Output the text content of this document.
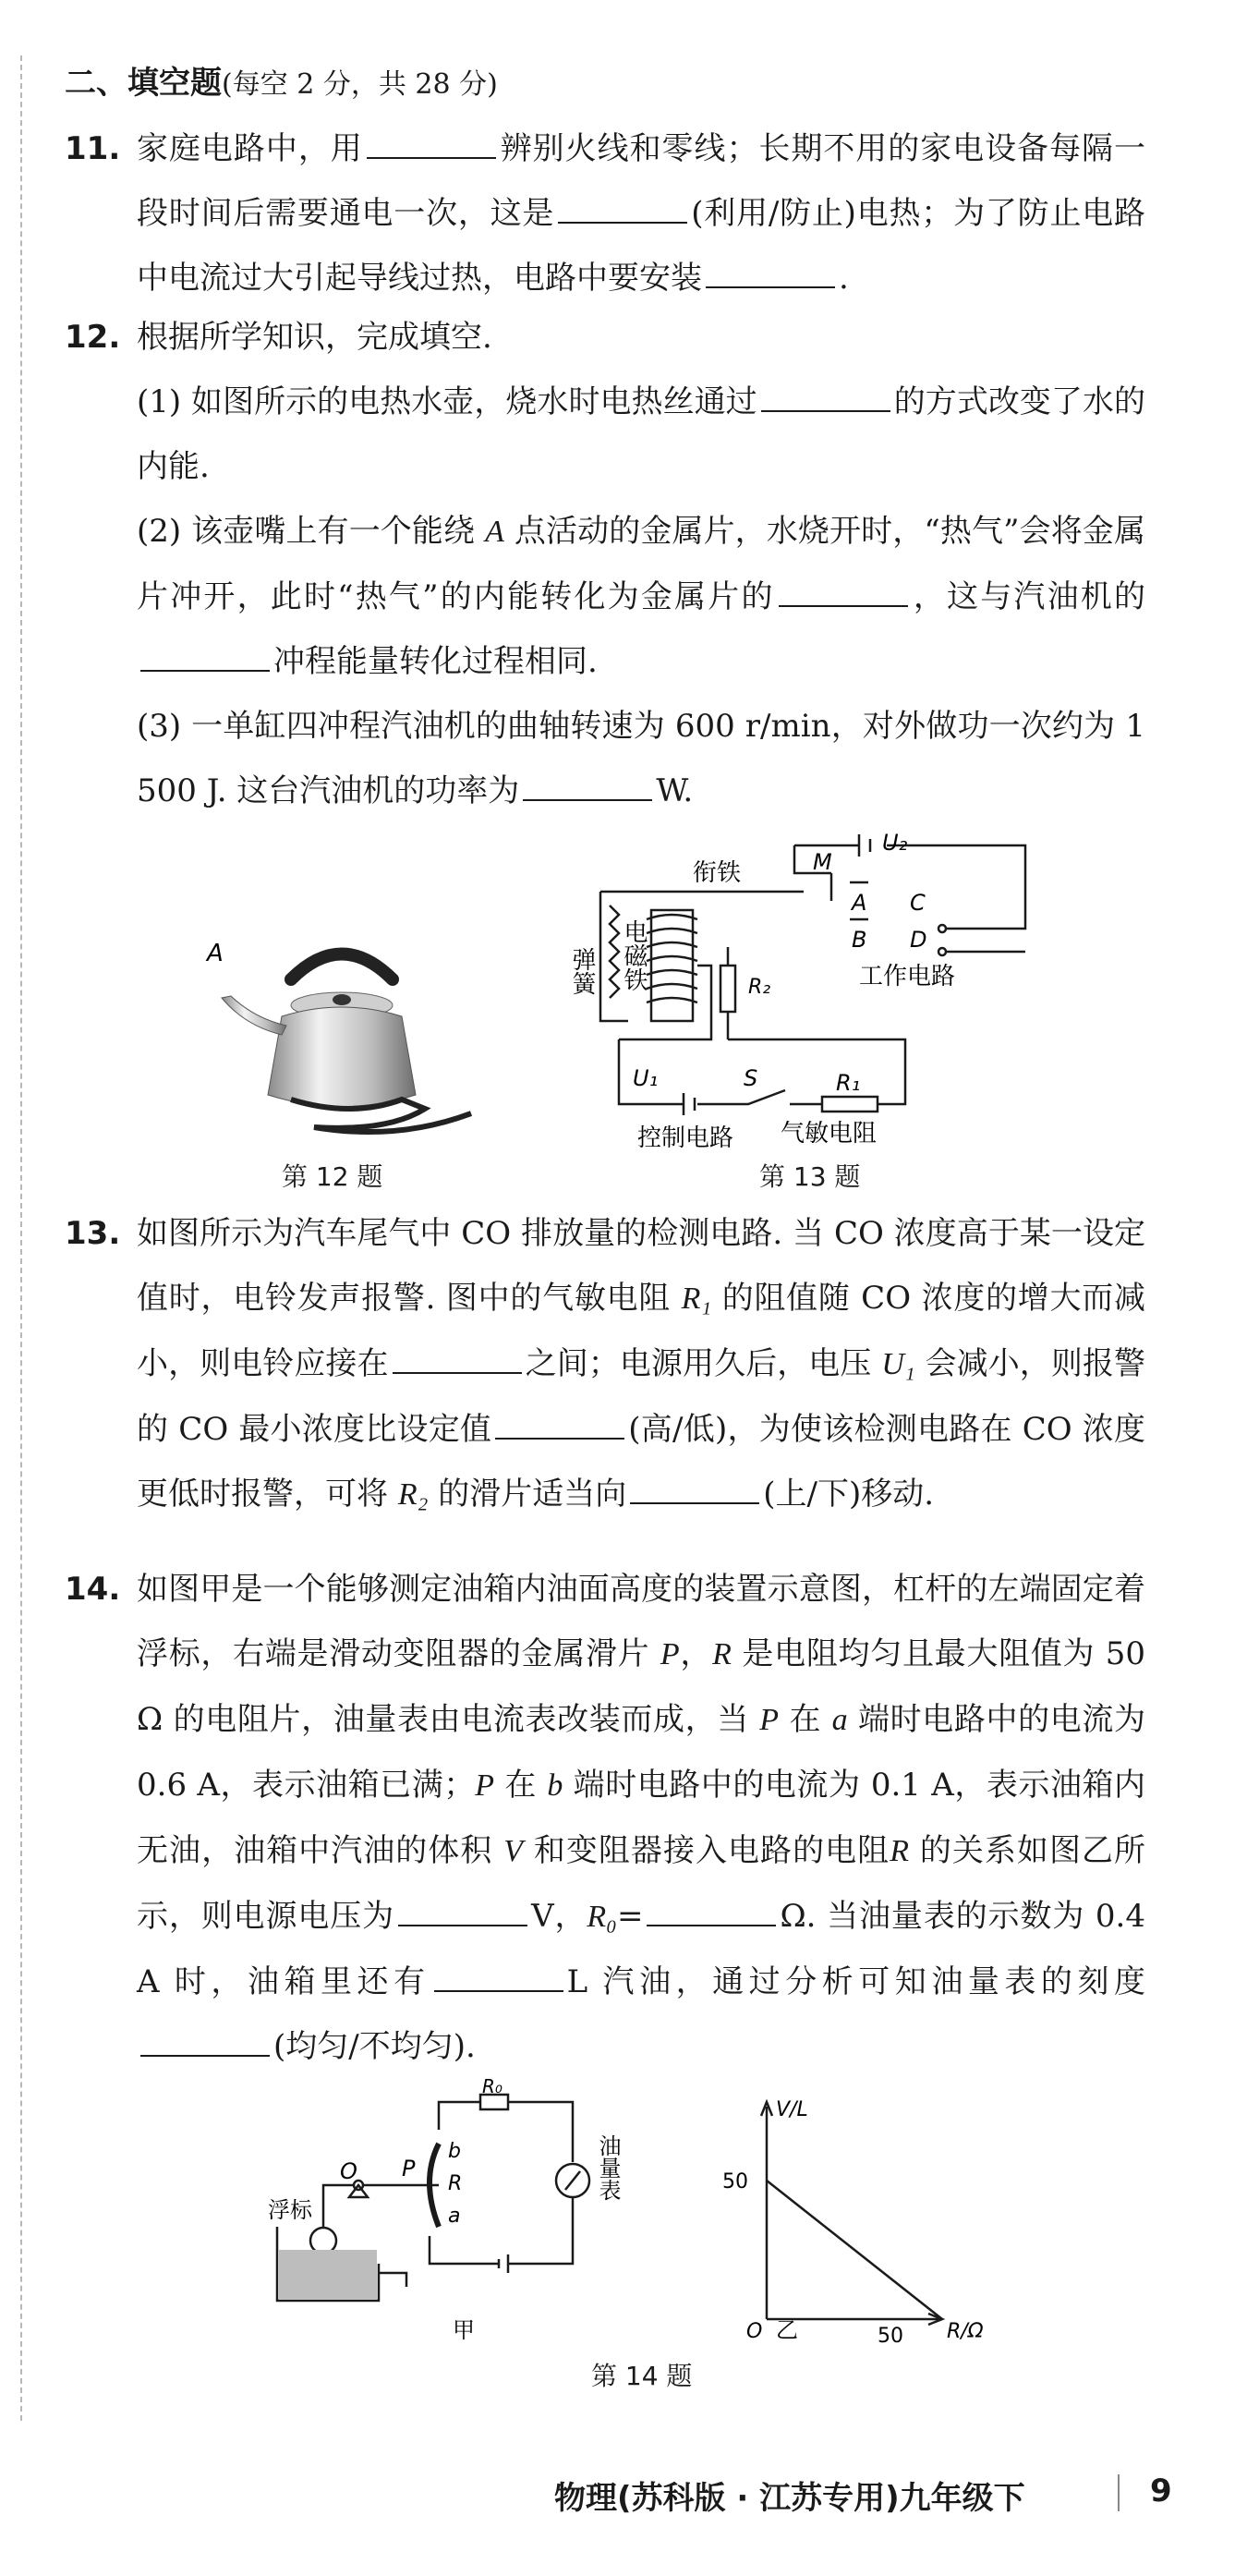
二、填空题(每空 2 分，共 28 分)
11. 家庭电路中，用	辨别火线和零线；长期不用的家电设备每隔一段时间后需要通电一次，这是	(利用/防止)电热；为了防止电路中电流过大引起导线过热，电路中要安装	.
12. 根据所学知识，完成填空.
(1) 如图所示的电热水壶，烧水时电热丝通过	的方式改变了水的内能.
(2) 该壶嘴上有一个能绕 A 点活动的金属片，水烧开时，“热气”会将金属片冲开，此时“热气”的内能转化为金属片的	，这与汽油机的冲程能量转化过程相同.
(3) 一单缸四冲程汽油机的曲轴转速为 600 r/min，对外做功一次约为 1 500 J. 这台汽油机的功率为	W.
A
第 12 题
M
U₂
衔铁
A C
B D
R₂	工作电路
弹簧 电磁铁
U₁	S	R₁
控制电路 气敏电阻
第 13 题
13. 如图所示为汽车尾气中 CO 排放量的检测电路. 当 CO 浓度高于某一设定值时，电铃发声报警. 图中的气敏电阻 R₁ 的阻值随 CO 浓度的增大而减小，则电铃应接在	之间；电源用久后，电压 U₁ 会减小，则报警的 CO 最小浓度比设定值	(高/低)，为使该检测电路在 CO 浓度更低时报警，可将 R₂ 的滑片适当向	(上/下)移动.
14. 如图甲是一个能够测定油箱内油面高度的装置示意图，杠杆的左端固定着浮标，右端是滑动变阻器的金属滑片 P，R 是电阻均匀且最大阻值为 50 Ω 的电阻片，油量表由电流表改装而成，当 P 在 a 端时电路中的电流为 0.6 A，表示油箱已满；P 在 b 端时电路中的电流为 0.1 A，表示油箱内无油，油箱中汽油的体积 V 和变阻器接入电路的电阻R 的关系如图乙所示，则电源电压为	V，R₀=	Ω. 当油量表的示数为 0.4 A 时，油箱里还有	L 汽油，通过分析可知油量表的刻度(均匀/不均匀).
R₀
O P
b
R
a
油量表
浮标
甲
V/L
R/Ω
O
50
50
乙
第 14 题
物理(苏科版 · 江苏专用)九年级下	9
